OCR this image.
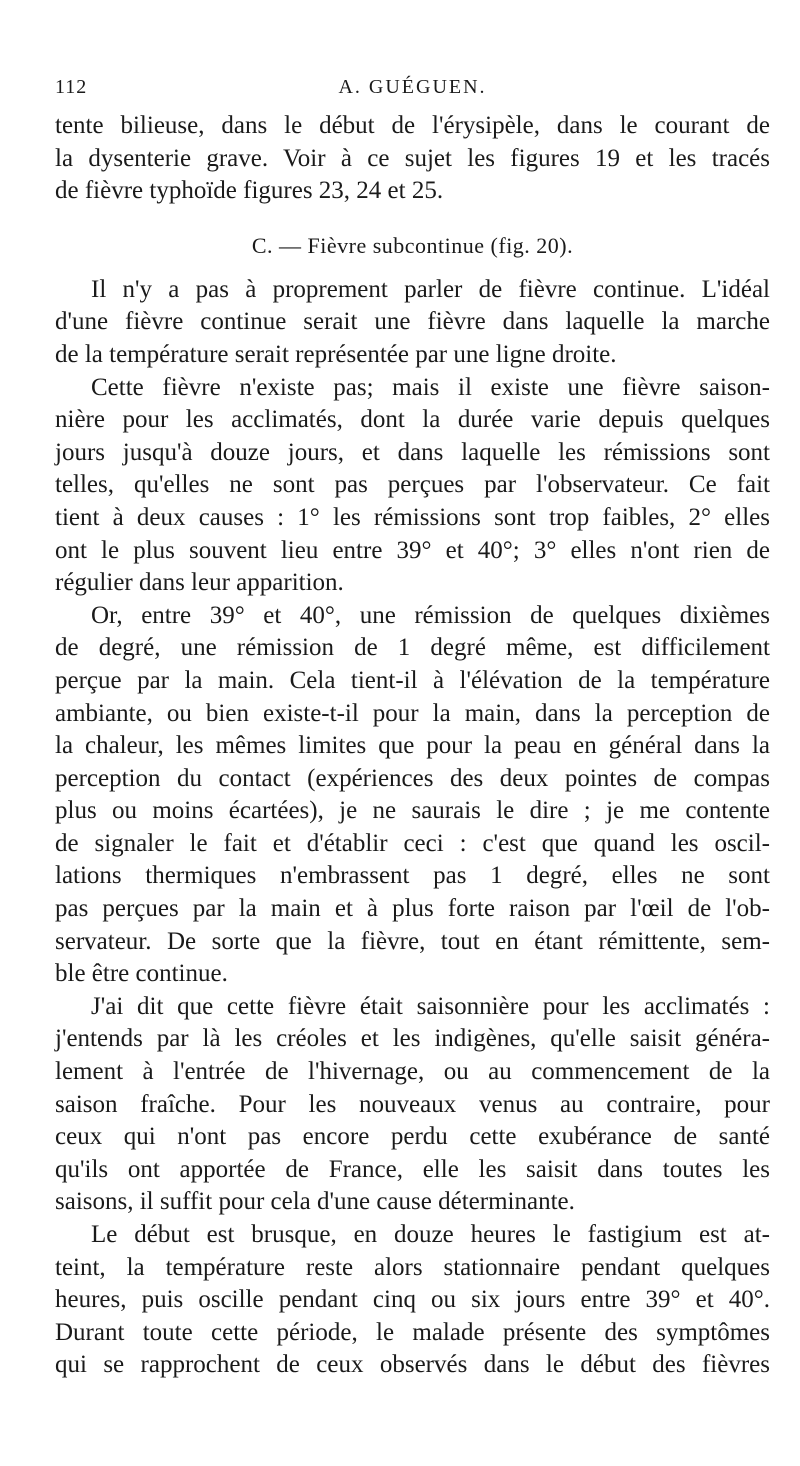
112	A. GUÉGUEN.
tente bilieuse, dans le début de l'érysipèle, dans le courant de
la dysenterie grave. Voir à ce sujet les figures 19 et les tracés
de fièvre typhoïde figures 23, 24 et 25.
C. — Fièvre subcontinue (fig. 20).
Il n'y a pas à proprement parler de fièvre continue. L'idéal
d'une fièvre continue serait une fièvre dans laquelle la marche
de la température serait représentée par une ligne droite.
Cette fièvre n'existe pas; mais il existe une fièvre saison-
nière pour les acclimatés, dont la durée varie depuis quelques
jours jusqu'à douze jours, et dans laquelle les rémissions sont
telles, qu'elles ne sont pas perçues par l'observateur. Ce fait
tient à deux causes : 1° les rémissions sont trop faibles, 2° elles
ont le plus souvent lieu entre 39° et 40°; 3° elles n'ont rien de
régulier dans leur apparition.
Or, entre 39° et 40°, une rémission de quelques dixièmes
de degré, une rémission de 1 degré même, est difficilement
perçue par la main. Cela tient-il à l'élévation de la température
ambiante, ou bien existe-t-il pour la main, dans la perception de
la chaleur, les mêmes limites que pour la peau en général dans la
perception du contact (expériences des deux pointes de compas
plus ou moins écartées), je ne saurais le dire ; je me contente
de signaler le fait et d'établir ceci : c'est que quand les oscil-
lations thermiques n'embrassent pas 1 degré, elles ne sont
pas perçues par la main et à plus forte raison par l'œil de l'ob-
servateur. De sorte que la fièvre, tout en étant rémittente, sem-
ble être continue.
J'ai dit que cette fièvre était saisonnière pour les acclimatés :
j'entends par là les créoles et les indigènes, qu'elle saisit généra-
lement à l'entrée de l'hivernage, ou au commencement de la
saison fraîche. Pour les nouveaux venus au contraire, pour
ceux qui n'ont pas encore perdu cette exubérance de santé
qu'ils ont apportée de France, elle les saisit dans toutes les
saisons, il suffit pour cela d'une cause déterminante.
Le début est brusque, en douze heures le fastigium est at-
teint, la température reste alors stationnaire pendant quelques
heures, puis oscille pendant cinq ou six jours entre 39° et 40°.
Durant toute cette période, le malade présente des symptômes
qui se rapprochent de ceux observés dans le début des fièvres
